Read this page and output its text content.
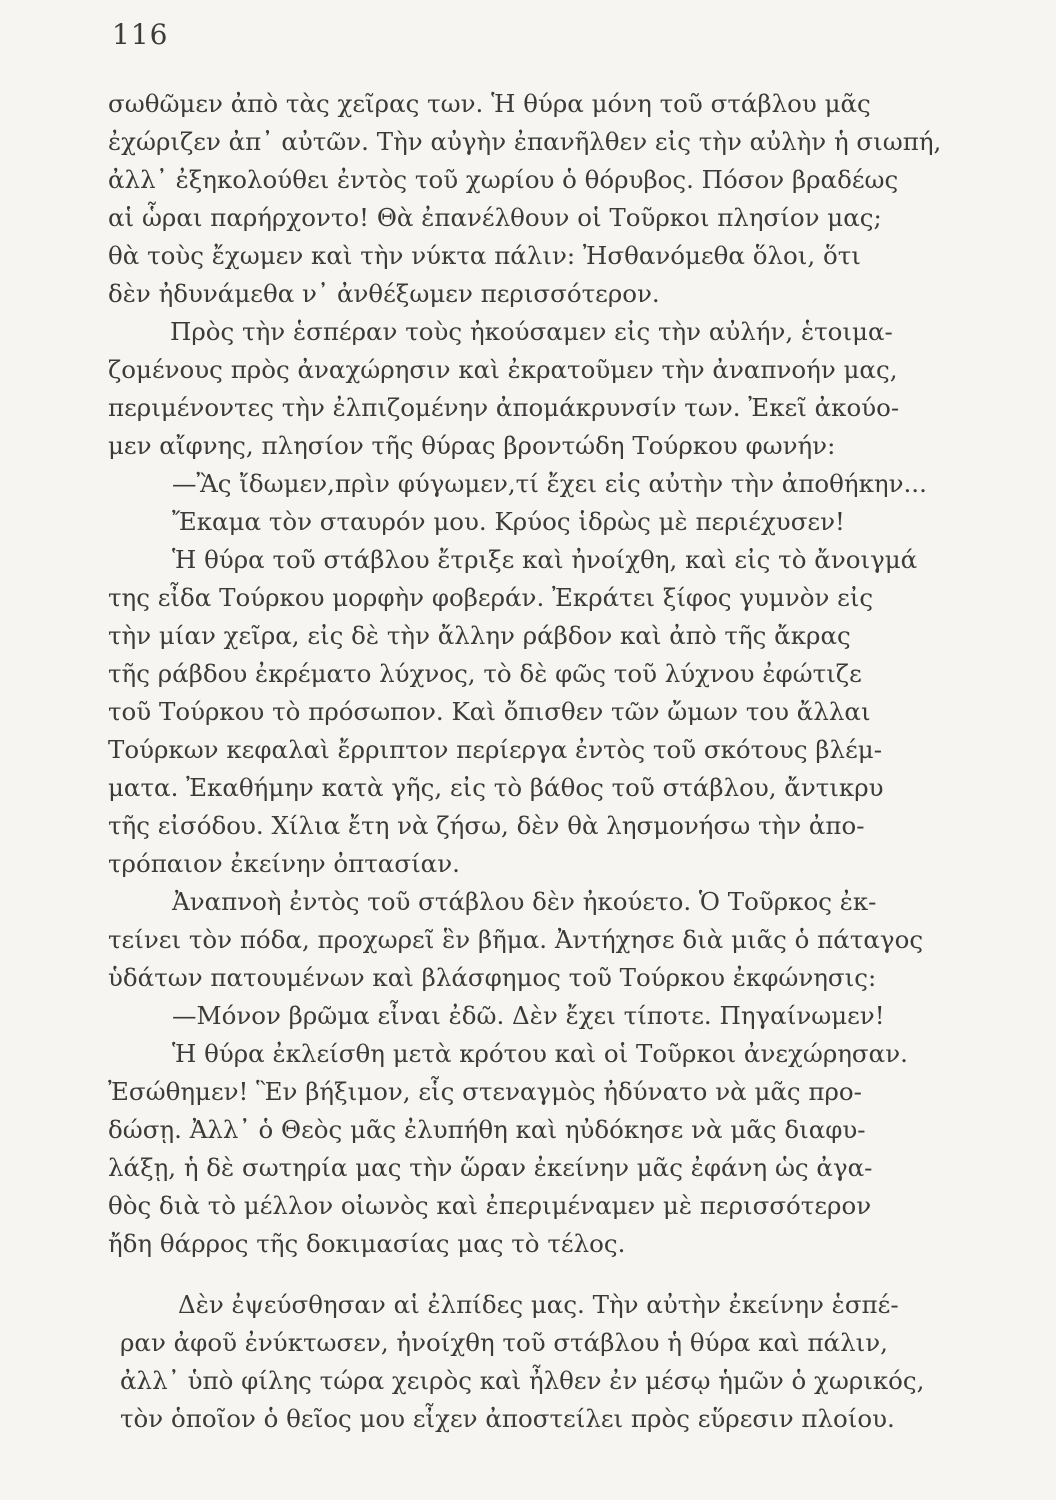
116
σωθῶμεν ἀπὸ τὰς χεῖρας των. Ἡ θύρα μόνη τοῦ στάβλου μᾶς
ἐχώριζεν ἀπ᾽ αὐτῶν. Τὴν αὐγὴν ἐπανῆλθεν εἰς τὴν αὐλὴν ἡ σιωπή,
ἀλλ᾽ ἐξηκολούθει ἐντὸς τοῦ χωρίου ὁ θόρυβος. Πόσον βραδέως
αἱ ὧραι παρήρχοντο! Θὰ ἐπανέλθουν οἱ Τοῦρκοι πλησίον μας;
θὰ τοὺς ἔχωμεν καὶ τὴν νύκτα πάλιν: Ἠσθανόμεθα ὅλοι, ὅτι
δὲν ἠδυνάμεθα ν᾽ ἀνθέξωμεν περισσότερον.
Πρὸς τὴν ἑσπέραν τοὺς ἠκούσαμεν εἰς τὴν αὐλήν, ἑτοιμα-
ζομένους πρὸς ἀναχώρησιν καὶ ἐκρατοῦμεν τὴν ἀναπνοήν μας,
περιμένοντες τὴν ἐλπιζομένην ἀπομάκρυνσίν των. Ἐκεῖ ἀκούο-
μεν αἴφνης, πλησίον τῆς θύρας βροντώδη Τούρκου φωνήν:
—Ἂς ἴδωμεν,πρὶν φύγωμεν,τί ἔχει εἰς αὐτὴν τὴν ἀποθήκην...
Ἔκαμα τὸν σταυρόν μου. Κρύος ἱδρὼς μὲ περιέχυσεν!
Ἡ θύρα τοῦ στάβλου ἔτριξε καὶ ἠνοίχθη, καὶ εἰς τὸ ἄνοιγμά
της εἶδα Τούρκου μορφὴν φοβεράν. Ἐκράτει ξίφος γυμνὸν εἰς
τὴν μίαν χεῖρα, εἰς δὲ τὴν ἄλλην ράβδον καὶ ἀπὸ τῆς ἄκρας
τῆς ράβδου ἐκρέματο λύχνος, τὸ δὲ φῶς τοῦ λύχνου ἐφώτιζε
τοῦ Τούρκου τὸ πρόσωπον. Καὶ ὄπισθεν τῶν ὤμων του ἄλλαι
Τούρκων κεφαλαὶ ἔρριπτον περίεργα ἐντὸς τοῦ σκότους βλέμ-
ματα. Ἐκαθήμην κατὰ γῆς, εἰς τὸ βάθος τοῦ στάβλου, ἄντικρυ
τῆς εἰσόδου. Χίλια ἔτη νὰ ζήσω, δὲν θὰ λησμονήσω τὴν ἀπο-
τρόπαιον ἐκείνην ὀπτασίαν.
Ἀναπνοὴ ἐντὸς τοῦ στάβλου δὲν ἠκούετο. Ὁ Τοῦρκος ἐκ-
τείνει τὸν πόδα, προχωρεῖ ἓν βῆμα. Ἀντήχησε διὰ μιᾶς ὁ πάταγος
ὑδάτων πατουμένων καὶ βλάσφημος τοῦ Τούρκου ἐκφώνησις:
—Μόνον βρῶμα εἶναι ἐδῶ. Δὲν ἔχει τίποτε. Πηγαίνωμεν!
Ἡ θύρα ἐκλείσθη μετὰ κρότου καὶ οἱ Τοῦρκοι ἀνεχώρησαν.
Ἐσώθημεν! Ἓν βήξιμον, εἷς στεναγμὸς ἠδύνατο νὰ μᾶς προ-
δώσῃ. Ἀλλ᾽ ὁ Θεὸς μᾶς ἐλυπήθη καὶ ηὐδόκησε νὰ μᾶς διαφυ-
λάξῃ, ἡ δὲ σωτηρία μας τὴν ὥραν ἐκείνην μᾶς ἐφάνη ὡς ἀγα-
θὸς διὰ τὸ μέλλον οἰωνὸς καὶ ἐπεριμέναμεν μὲ περισσότερον
ἤδη θάρρος τῆς δοκιμασίας μας τὸ τέλος.
Δὲν ἐψεύσθησαν αἱ ἐλπίδες μας. Τὴν αὐτὴν ἐκείνην ἑσπέ-
ραν ἀφοῦ ἐνύκτωσεν, ἠνοίχθη τοῦ στάβλου ἡ θύρα καὶ πάλιν,
ἀλλ᾽ ὑπὸ φίλης τώρα χειρὸς καὶ ἦλθεν ἐν μέσῳ ἡμῶν ὁ χωρικός,
τὸν ὁποῖον ὁ θεῖος μου εἶχεν ἀποστείλει πρὸς εὕρεσιν πλοίου.
